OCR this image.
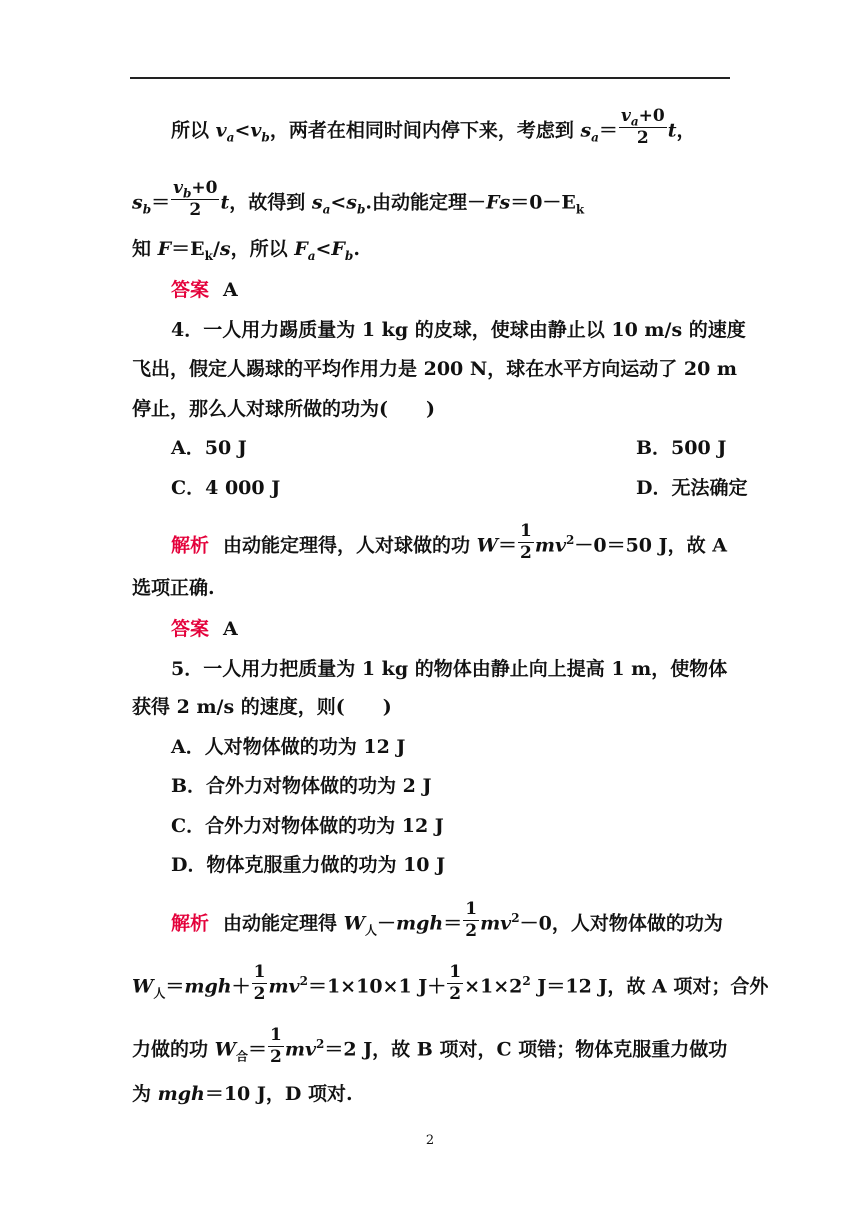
所以 $v_a<v_b$，两者在相同时间内停下来，考虑到 $s_a= \frac{v_a+0}{2}$ t，
$s_b= \frac{v_b+0}{2}$ t，故得到 $s_a<s_b$.由动能定理$-Fs=0-E_k$
知 $F=E_k/s$，所以 $F_a<F_b$.
答案 A
4．一人用力踢质量为 1 kg 的皮球，使球由静止以 10 m/s 的速度
飞出，假定人踢球的平均作用力是 200 N，球在水平方向运动了 20 m
停止，那么人对球所做的功为(　　)
A．50 J	B．500 J
C．4 000 J	D．无法确定
解析 由动能定理得，人对球做的功 $W= \frac{1}{2} mv^2-0=50$ J，故 A
选项正确.
答案 A
5．一人用力把质量为 1 kg 的物体由静止向上提高 1 m，使物体
获得 2 m/s 的速度，则(　　)
A．人对物体做的功为 12 J
B．合外力对物体做的功为 2 J
C．合外力对物体做的功为 12 J
D．物体克服重力做的功为 10 J
解析 由动能定理得 $W_人-mgh= \frac{1}{2} mv^2-0$，人对物体做的功为
$W_人=mgh+ \frac{1}{2} mv^2=1\times 10\times 1$ $J+ \frac{1}{2} \times 1\times 2^2$ J＝12 J，故 A 项对；合外
力做的功 $W_合= \frac{1}{2} mv^2=2$ J，故 B 项对，C 项错；物体克服重力做功
为 mgh＝10 J，D 项对.
2
